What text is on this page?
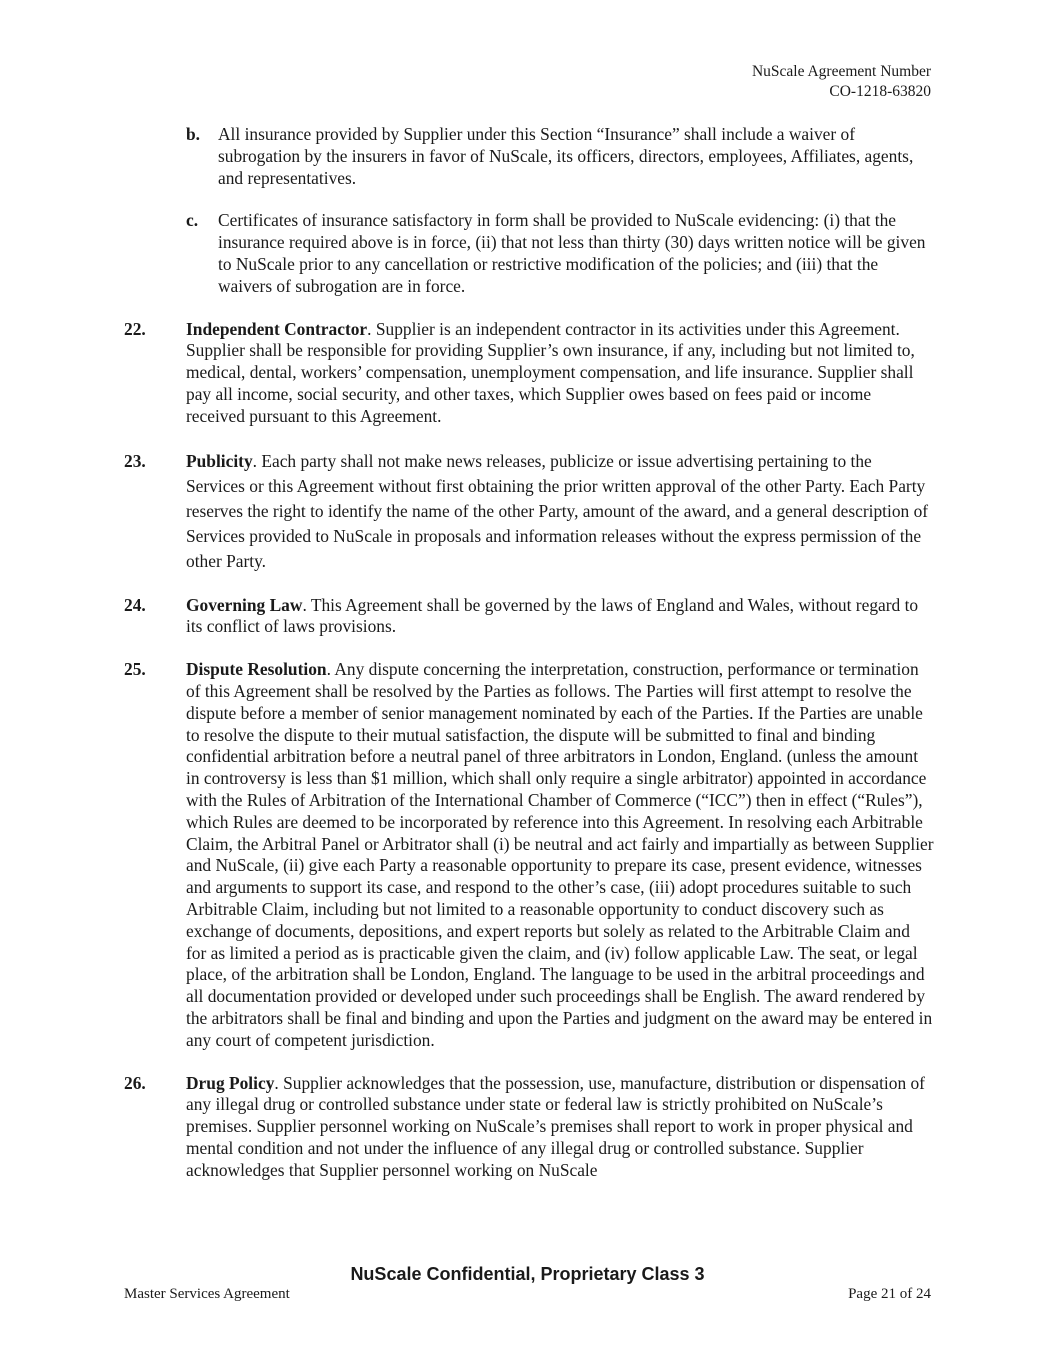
NuScale Agreement Number
CO-1218-63820
b. All insurance provided by Supplier under this Section “Insurance” shall include a waiver of subrogation by the insurers in favor of NuScale, its officers, directors, employees, Affiliates, agents, and representatives.
c. Certificates of insurance satisfactory in form shall be provided to NuScale evidencing: (i) that the insurance required above is in force, (ii) that not less than thirty (30) days written notice will be given to NuScale prior to any cancellation or restrictive modification of the policies; and (iii) that the waivers of subrogation are in force.
22. Independent Contractor. Supplier is an independent contractor in its activities under this Agreement. Supplier shall be responsible for providing Supplier’s own insurance, if any, including but not limited to, medical, dental, workers’ compensation, unemployment compensation, and life insurance. Supplier shall pay all income, social security, and other taxes, which Supplier owes based on fees paid or income received pursuant to this Agreement.
23. Publicity. Each party shall not make news releases, publicize or issue advertising pertaining to the Services or this Agreement without first obtaining the prior written approval of the other Party. Each Party reserves the right to identify the name of the other Party, amount of the award, and a general description of Services provided to NuScale in proposals and information releases without the express permission of the other Party.
24. Governing Law. This Agreement shall be governed by the laws of England and Wales, without regard to its conflict of laws provisions.
25. Dispute Resolution. Any dispute concerning the interpretation, construction, performance or termination of this Agreement shall be resolved by the Parties as follows. The Parties will first attempt to resolve the dispute before a member of senior management nominated by each of the Parties. If the Parties are unable to resolve the dispute to their mutual satisfaction, the dispute will be submitted to final and binding confidential arbitration before a neutral panel of three arbitrators in London, England. (unless the amount in controversy is less than $1 million, which shall only require a single arbitrator) appointed in accordance with the Rules of Arbitration of the International Chamber of Commerce (“ICC”) then in effect (“Rules”), which Rules are deemed to be incorporated by reference into this Agreement. In resolving each Arbitrable Claim, the Arbitral Panel or Arbitrator shall (i) be neutral and act fairly and impartially as between Supplier and NuScale, (ii) give each Party a reasonable opportunity to prepare its case, present evidence, witnesses and arguments to support its case, and respond to the other’s case, (iii) adopt procedures suitable to such Arbitrable Claim, including but not limited to a reasonable opportunity to conduct discovery such as exchange of documents, depositions, and expert reports but solely as related to the Arbitrable Claim and for as limited a period as is practicable given the claim, and (iv) follow applicable Law. The seat, or legal place, of the arbitration shall be London, England. The language to be used in the arbitral proceedings and all documentation provided or developed under such proceedings shall be English. The award rendered by the arbitrators shall be final and binding and upon the Parties and judgment on the award may be entered in any court of competent jurisdiction.
26. Drug Policy. Supplier acknowledges that the possession, use, manufacture, distribution or dispensation of any illegal drug or controlled substance under state or federal law is strictly prohibited on NuScale’s premises. Supplier personnel working on NuScale’s premises shall report to work in proper physical and mental condition and not under the influence of any illegal drug or controlled substance. Supplier acknowledges that Supplier personnel working on NuScale
NuScale Confidential, Proprietary Class 3
Master Services Agreement	Page 21 of 24
